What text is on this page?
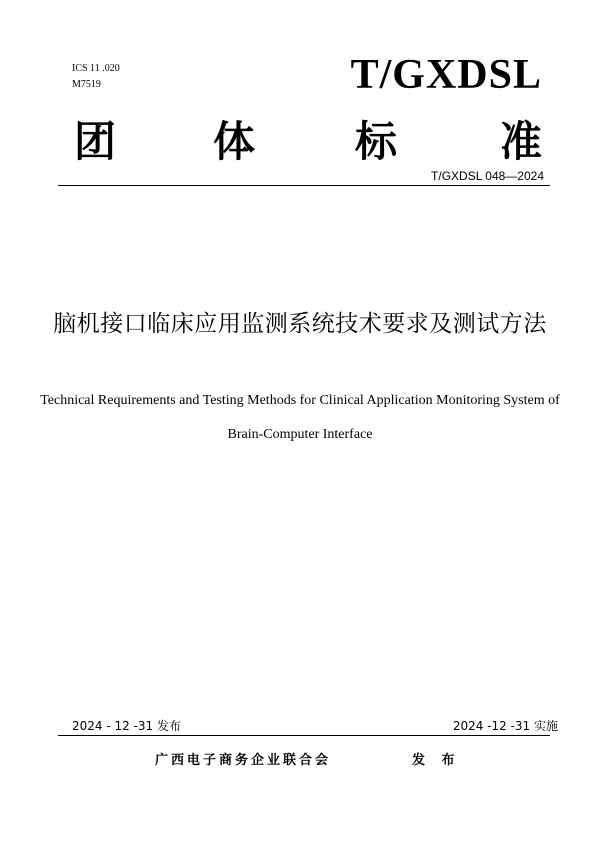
ICS 11 .020
M7519	T/GXDSL
团 体 标 准
T/GXDSL 048—2024
脑机接口临床应用监测系统技术要求及测试方法
Technical Requirements and Testing Methods for Clinical Application Monitoring System of Brain-Computer Interface
2024 - 12 -31 发布	2024 -12 -31 实施
广西电子商务企业联合会	发 布
